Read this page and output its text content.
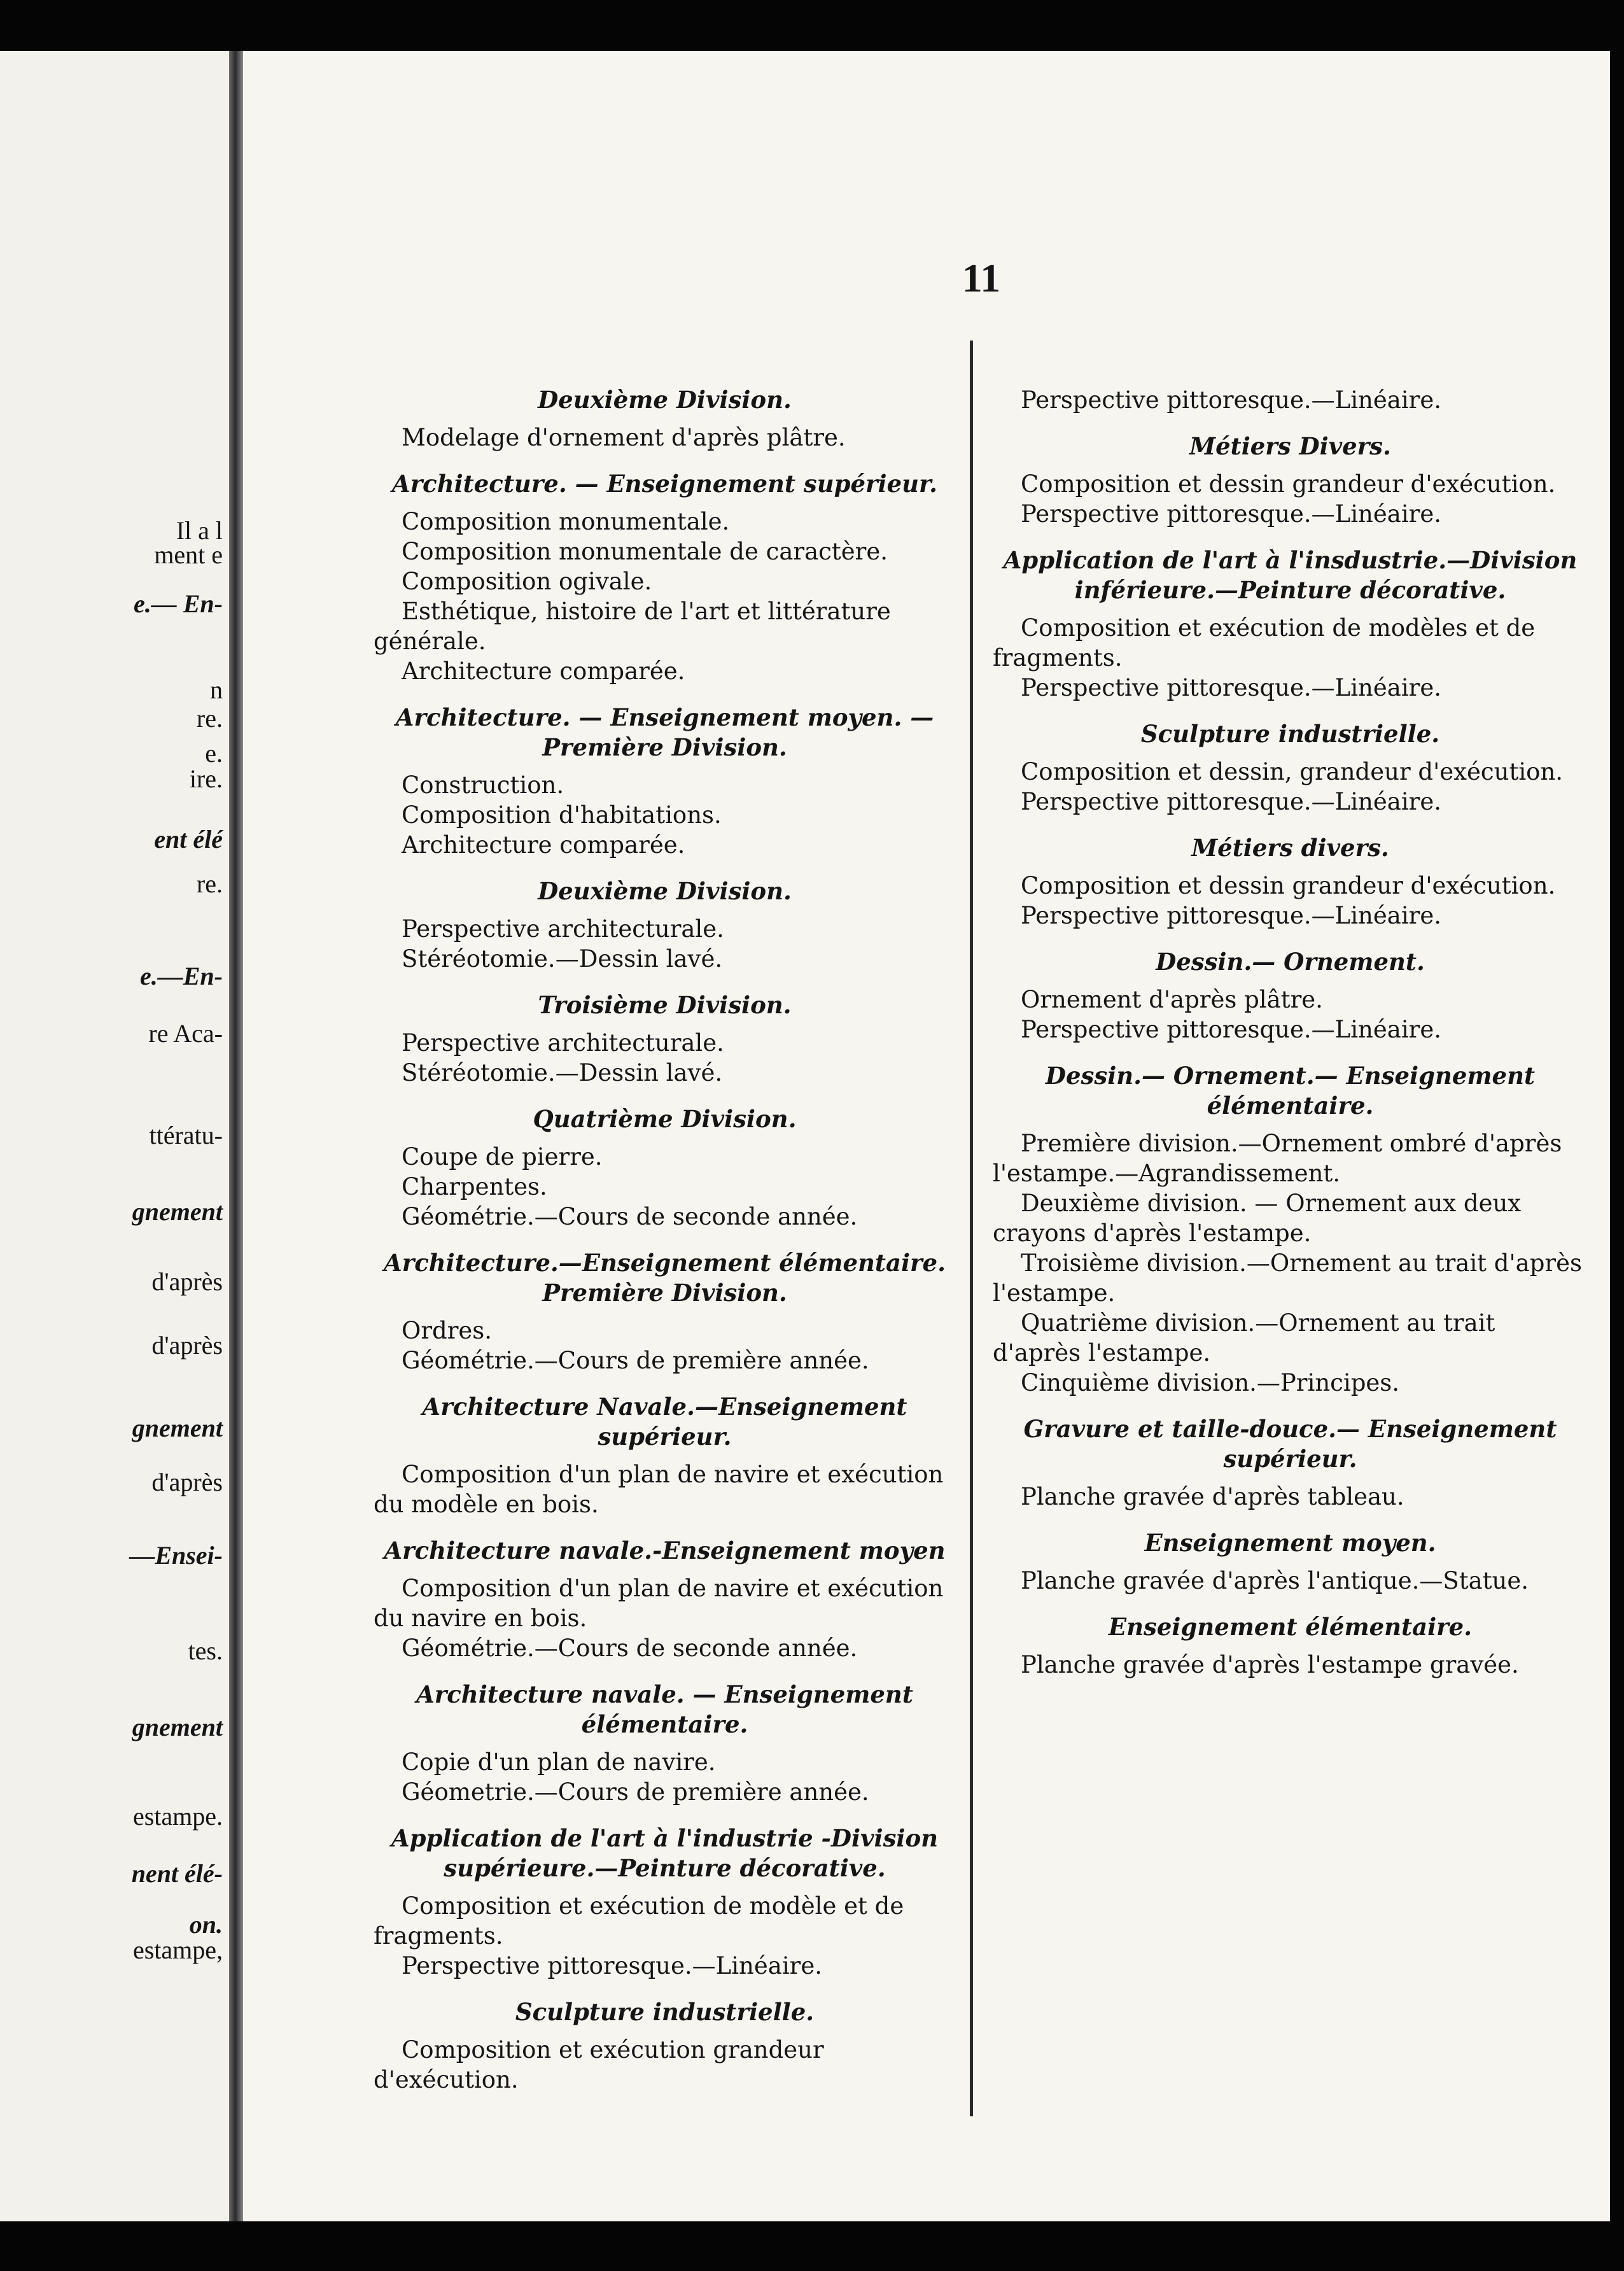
Il a l
ment e
e.— En-
n
re.
e.
ire.
ent élé
re.
e.—En-
re Aca-
ttératu-
gnement
d'après
d'après
gnement
d'après
—Ensei-
tes.
gnement
estampe.
nent élé-
on.
estampe,
11

Deuxième Division.

Modelage d'ornement d'après plâtre.

Architecture. — Enseignement supérieur.

Composition monumentale.

Composition monumentale de caractère.

Composition ogivale.

Esthétique, histoire de l'art et littérature générale.

Architecture comparée.

Architecture. — Enseignement moyen. — Première Division.

Construction.

Composition d'habitations.

Architecture comparée.

Deuxième Division.

Perspective architecturale.

Stéréotomie.—Dessin lavé.

Troisième Division.

Perspective architecturale.

Stéréotomie.—Dessin lavé.

Quatrième Division.

Coupe de pierre.

Charpentes.

Géométrie.—Cours de seconde année.

Architecture.—Enseignement élémentaire. Première Division.

Ordres.

Géométrie.—Cours de première année.

Architecture Navale.—Enseignement supérieur.

Composition d'un plan de navire et exécution du modèle en bois.

Architecture navale.-Enseignement moyen

Composition d'un plan de navire et exécution du navire en bois.

Géométrie.—Cours de seconde année.

Architecture navale. — Enseignement élémentaire.

Copie d'un plan de navire.

Géometrie.—Cours de première année.

Application de l'art à l'industrie -Division supérieure.—Peinture décorative.

Composition et exécution de modèle et de fragments.

Perspective pittoresque.—Linéaire.

Sculpture industrielle.

Composition et exécution grandeur d'exécution.

Perspective pittoresque.—Linéaire.

Métiers Divers.

Composition et dessin grandeur d'exécution.

Perspective pittoresque.—Linéaire.

Application de l'art à l'insdustrie.—Division inférieure.—Peinture décorative.

Composition et exécution de modèles et de fragments.

Perspective pittoresque.—Linéaire.

Sculpture industrielle.

Composition et dessin, grandeur d'exécution.

Perspective pittoresque.—Linéaire.

Métiers divers.

Composition et dessin grandeur d'exécution.

Perspective pittoresque.—Linéaire.

Dessin.— Ornement.

Ornement d'après plâtre.

Perspective pittoresque.—Linéaire.

Dessin.— Ornement.— Enseignement élémentaire.

Première division.—Ornement ombré d'après l'estampe.—Agrandissement.

Deuxième division. — Ornement aux deux crayons d'après l'estampe.

Troisième division.—Ornement au trait d'après l'estampe.

Quatrième division.—Ornement au trait d'après l'estampe.

Cinquième division.—Principes.

Gravure et taille-douce.— Enseignement supérieur.

Planche gravée d'après tableau.

Enseignement moyen.

Planche gravée d'après l'antique.—Statue.

Enseignement élémentaire.

Planche gravée d'après l'estampe gravée.
